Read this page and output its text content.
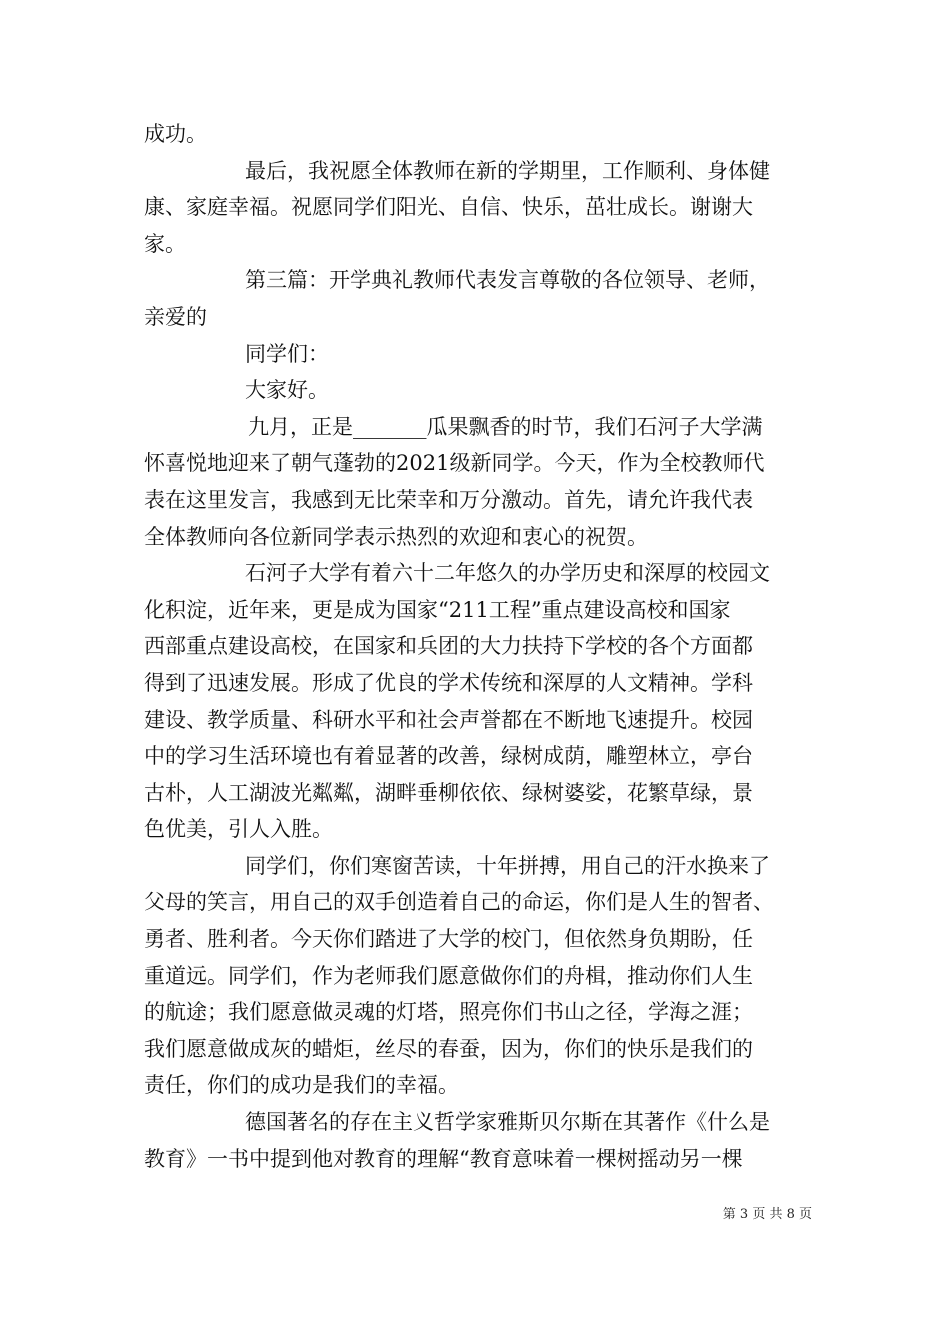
成功。
最后，我祝愿全体教师在新的学期里，工作顺利、身体健
康、家庭幸福。祝愿同学们阳光、自信、快乐，茁壮成长。谢谢大
家。
第三篇：开学典礼教师代表发言尊敬的各位领导、老师，
亲爱的
同学们：
大家好。
九月，正是_______瓜果飘香的时节，我们石河子大学满
怀喜悦地迎来了朝气蓬勃的2021级新同学。今天，作为全校教师代
表在这里发言，我感到无比荣幸和万分激动。首先，请允许我代表
全体教师向各位新同学表示热烈的欢迎和衷心的祝贺。
石河子大学有着六十二年悠久的办学历史和深厚的校园文
化积淀，近年来，更是成为国家“211工程”重点建设高校和国家
西部重点建设高校，在国家和兵团的大力扶持下学校的各个方面都
得到了迅速发展。形成了优良的学术传统和深厚的人文精神。学科
建设、教学质量、科研水平和社会声誉都在不断地飞速提升。校园
中的学习生活环境也有着显著的改善，绿树成荫，雕塑林立，亭台
古朴，人工湖波光粼粼，湖畔垂柳依依、绿树婆娑，花繁草绿，景
色优美，引人入胜。
同学们，你们寒窗苦读，十年拼搏，用自己的汗水换来了
父母的笑言，用自己的双手创造着自己的命运，你们是人生的智者、
勇者、胜利者。今天你们踏进了大学的校门，但依然身负期盼，任
重道远。同学们，作为老师我们愿意做你们的舟楫，推动你们人生
的航途；我们愿意做灵魂的灯塔，照亮你们书山之径，学海之涯；
我们愿意做成灰的蜡炬，丝尽的春蚕，因为，你们的快乐是我们的
责任，你们的成功是我们的幸福。
德国著名的存在主义哲学家雅斯贝尔斯在其著作《什么是
教育》一书中提到他对教育的理解“教育意味着一棵树摇动另一棵
第 3 页 共 8 页
